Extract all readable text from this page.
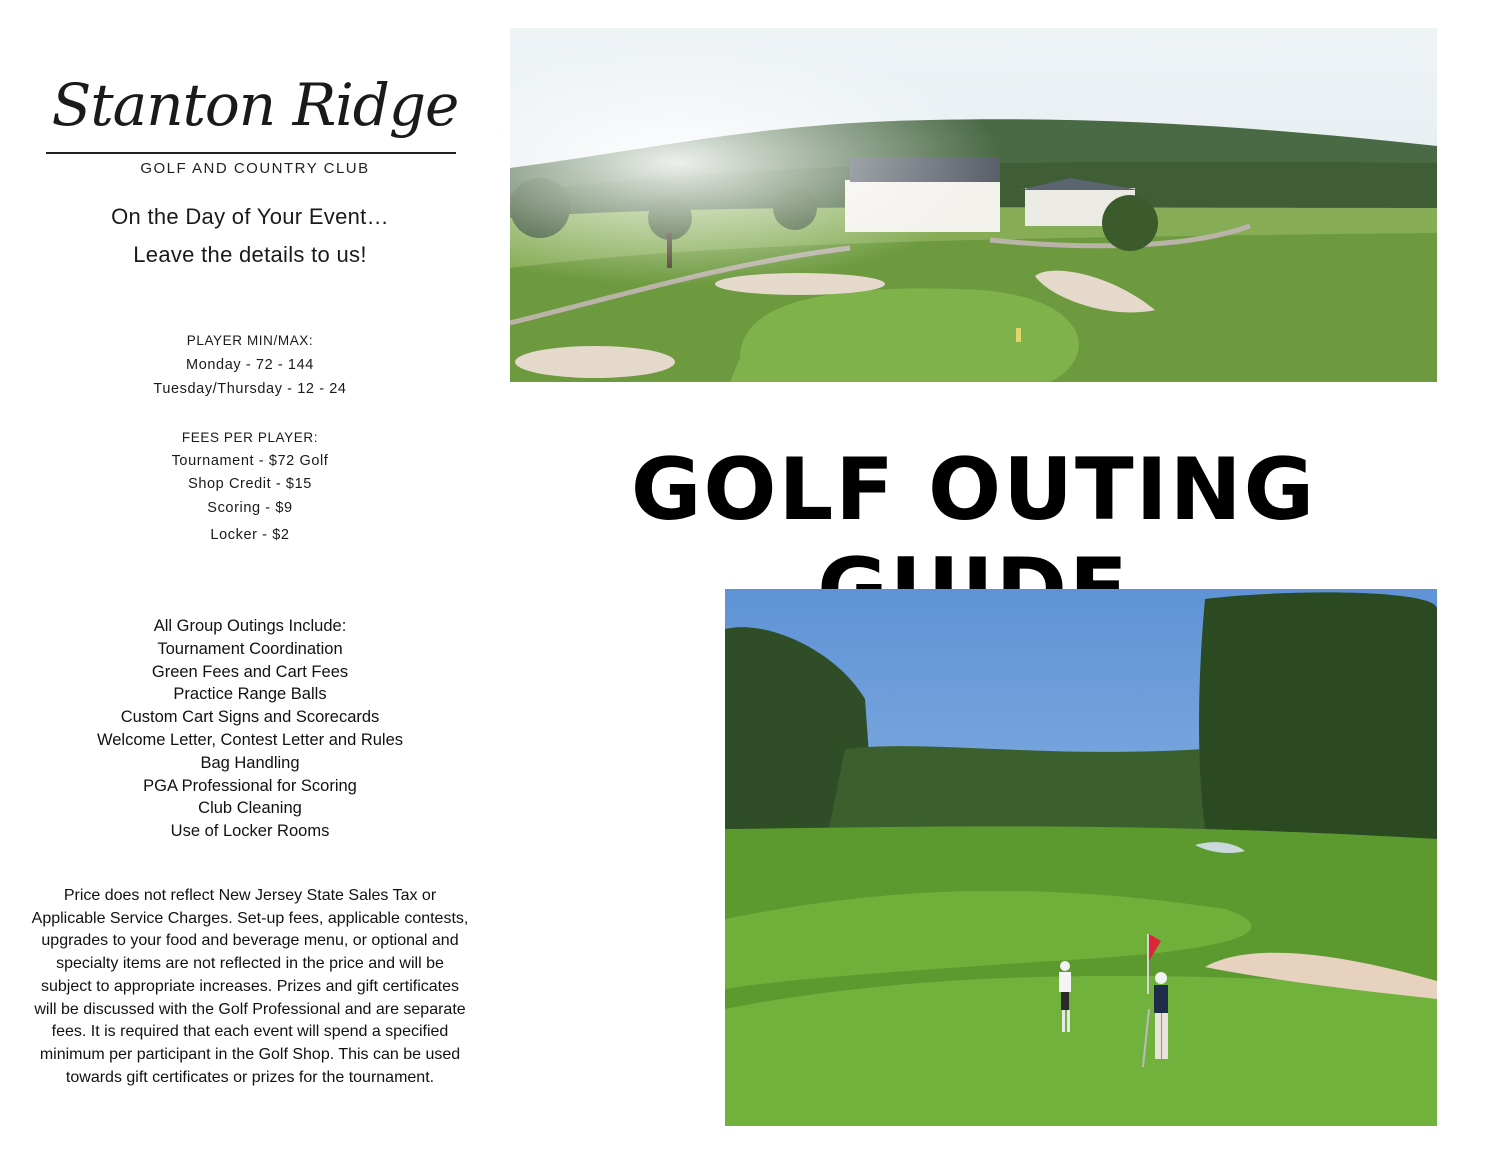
Stanton Ridge
GOLF AND COUNTRY CLUB
On the Day of Your Event…
Leave the details to us!
PLAYER MIN/MAX:
Monday - 72 - 144
Tuesday/Thursday - 12 - 24
FEES PER PLAYER:
Tournament - $72 Golf
Shop Credit - $15
Scoring - $9
Locker - $2
All Group Outings Include:
Tournament Coordination
Green Fees and Cart Fees
Practice Range Balls
Custom Cart Signs and Scorecards
Welcome Letter, Contest Letter and Rules
Bag Handling
PGA Professional for Scoring
Club Cleaning
Use of Locker Rooms
Price does not reflect New Jersey State Sales Tax or Applicable Service Charges. Set-up fees, applicable contests, upgrades to your food and beverage menu, or optional and specialty items are not reflected in the price and will be subject to appropriate increases. Prizes and gift certificates will be discussed with the Golf Professional and are separate fees. It is required that each event will spend a specified minimum per participant in the Golf Shop. This can be used towards gift certificates or prizes for the tournament.
GOLF OUTING
